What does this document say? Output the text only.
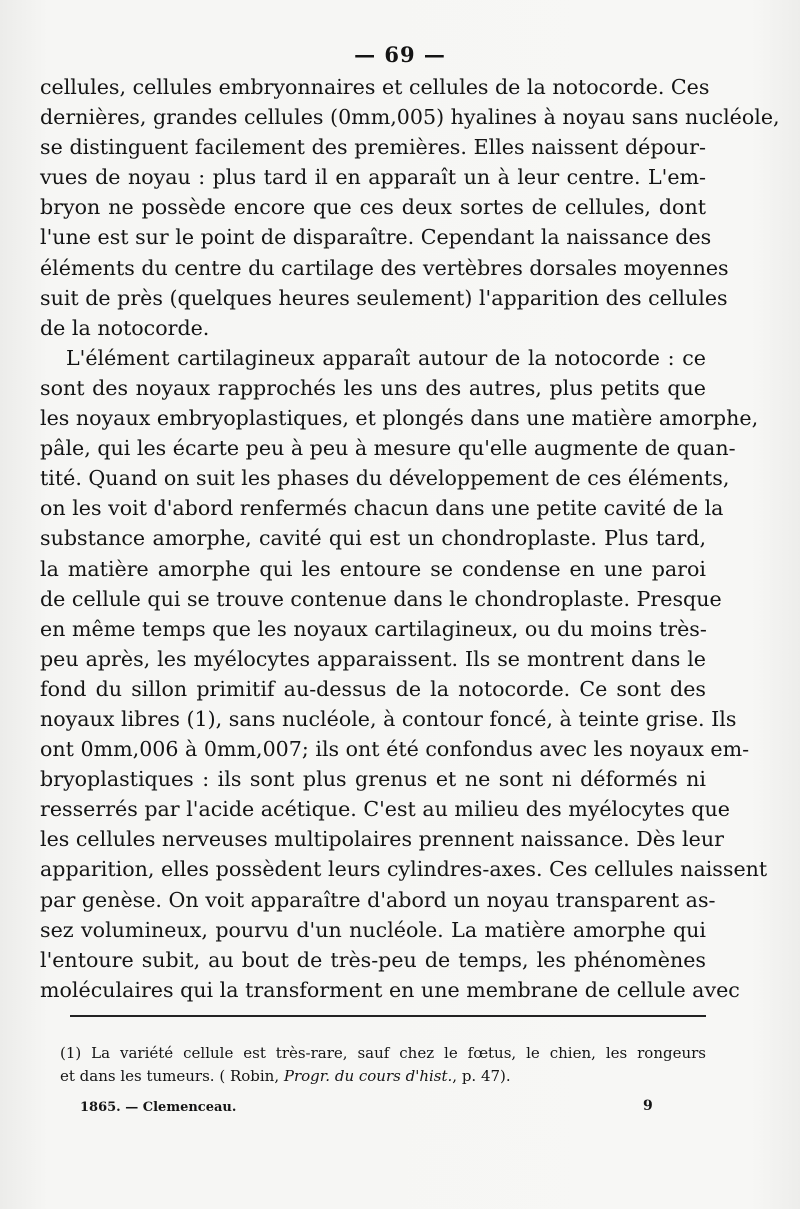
— 69 —

cellules, cellules embryonnaires et cellules de la notocorde. Ces
dernières, grandes cellules (0mm,005) hyalines à noyau sans nucléole,
se distinguent facilement des premières. Elles naissent dépour-
vues de noyau : plus tard il en apparaît un à leur centre. L'em-
bryon ne possède encore que ces deux sortes de cellules, dont
l'une est sur le point de disparaître. Cependant la naissance des
éléments du centre du cartilage des vertèbres dorsales moyennes
suit de près (quelques heures seulement) l'apparition des cellules
de la notocorde.

L'élément cartilagineux apparaît autour de la notocorde : ce
sont des noyaux rapprochés les uns des autres, plus petits que
les noyaux embryoplastiques, et plongés dans une matière amorphe,
pâle, qui les écarte peu à peu à mesure qu'elle augmente de quan-
tité. Quand on suit les phases du développement de ces éléments,
on les voit d'abord renfermés chacun dans une petite cavité de la
substance amorphe, cavité qui est un chondroplaste. Plus tard,
la matière amorphe qui les entoure se condense en une paroi
de cellule qui se trouve contenue dans le chondroplaste. Presque
en même temps que les noyaux cartilagineux, ou du moins très-
peu après, les myélocytes apparaissent. Ils se montrent dans le
fond du sillon primitif au-dessus de la notocorde. Ce sont des
noyaux libres (1), sans nucléole, à contour foncé, à teinte grise. Ils
ont 0mm,006 à 0mm,007; ils ont été confondus avec les noyaux em-
bryoplastiques : ils sont plus grenus et ne sont ni déformés ni
resserrés par l'acide acétique. C'est au milieu des myélocytes que
les cellules nerveuses multipolaires prennent naissance. Dès leur
apparition, elles possèdent leurs cylindres-axes. Ces cellules naissent
par genèse. On voit apparaître d'abord un noyau transparent as-
sez volumineux, pourvu d'un nucléole. La matière amorphe qui
l'entoure subit, au bout de très-peu de temps, les phénomènes
moléculaires qui la transforment en une membrane de cellule avec

(1) La variété cellule est très-rare, sauf chez le fœtus, le chien, les rongeurs
et dans les tumeurs. ( Robin, Progr. du cours d'hist., p. 47).
1865. — Clemenceau.	9
